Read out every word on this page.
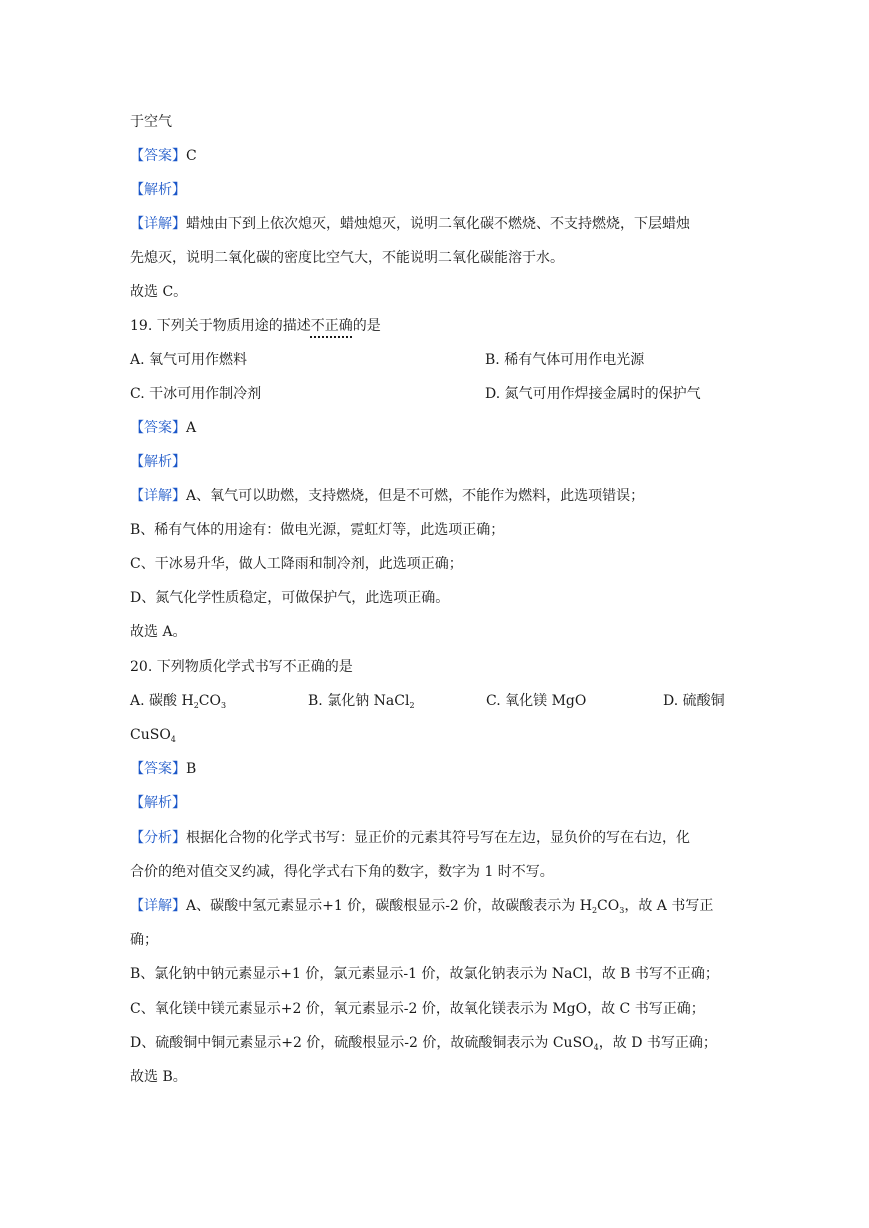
于空气
【答案】C
【解析】
【详解】蜡烛由下到上依次熄灭，蜡烛熄灭，说明二氧化碳不燃烧、不支持燃烧，下层蜡烛
先熄灭，说明二氧化碳的密度比空气大，不能说明二氧化碳能溶于水。
故选 C。
19. 下列关于物质用途的描述不正确的是
A. 氧气可用作燃料	B. 稀有气体可用作电光源
C. 干冰可用作制冷剂	D. 氮气可用作焊接金属时的保护气
【答案】A
【解析】
【详解】A、氧气可以助燃，支持燃烧，但是不可燃，不能作为燃料，此选项错误；
B、稀有气体的用途有：做电光源，霓虹灯等，此选项正确；
C、干冰易升华，做人工降雨和制冷剂，此选项正确；
D、氮气化学性质稳定，可做保护气，此选项正确。
故选 A。
20. 下列物质化学式书写不正确的是
A. 碳酸 $H_2CO_3$	B. 氯化钠 NaCl$_2$	C. 氧化镁 MgO	D. 硫酸铜
CuSO$_4$
【答案】B
【解析】
【分析】根据化合物的化学式书写：显正价的元素其符号写在左边，显负价的写在右边，化
合价的绝对值交叉约减，得化学式右下角的数字，数字为 1 时不写。
【详解】A、碳酸中氢元素显示+1 价，碳酸根显示-2 价，故碳酸表示为 $H_2CO_3$，故 A 书写正
确；
B、氯化钠中钠元素显示+1 价，氯元素显示-1 价，故氯化钠表示为 NaCl，故 B 书写不正确；
C、氧化镁中镁元素显示+2 价，氧元素显示-2 价，故氧化镁表示为 MgO，故 C 书写正确；
D、硫酸铜中铜元素显示+2 价，硫酸根显示-2 价，故硫酸铜表示为 CuSO$_4$，故 D 书写正确；
故选 B。
